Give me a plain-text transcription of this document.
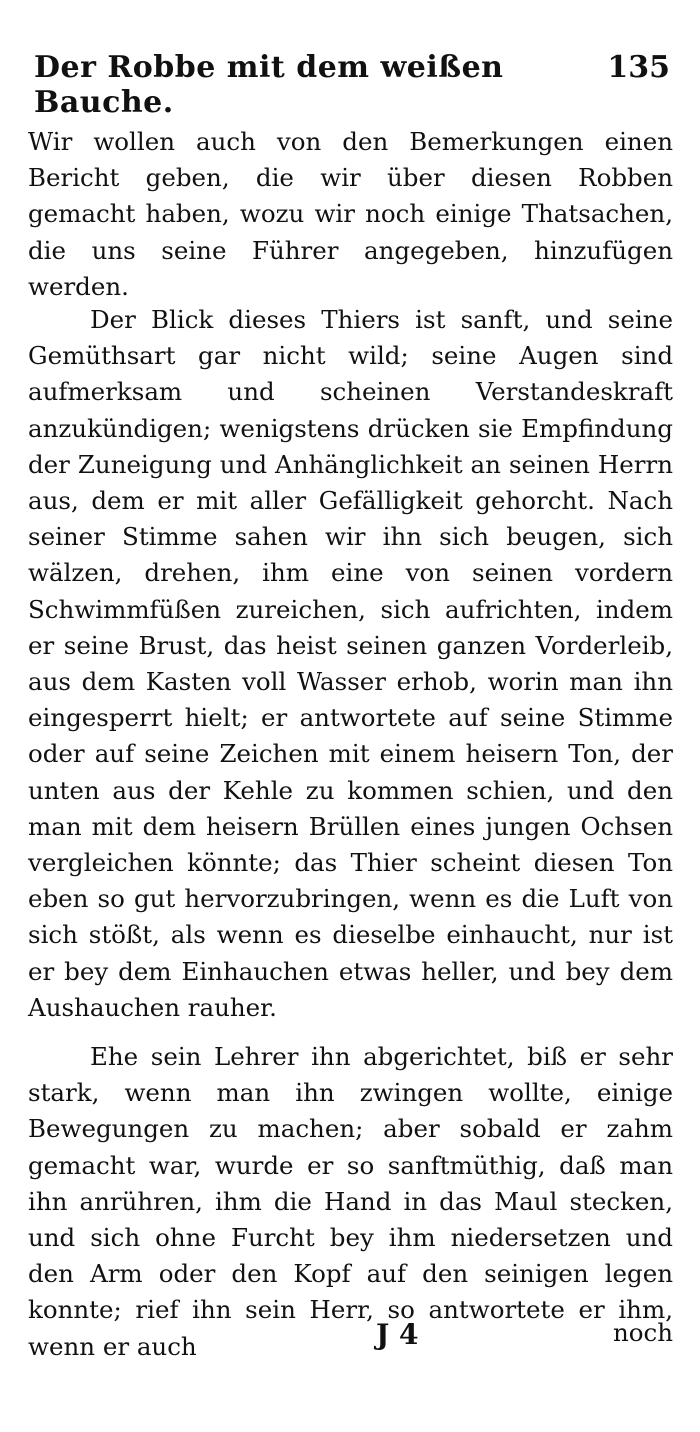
Der Robbe mit dem weißen Bauche.
135
Wir wollen auch von den Bemerkungen einen Bericht geben, die wir über diesen Robben gemacht haben, wozu wir noch einige Thatsachen, die uns seine Führer angegeben, hinzufügen werden.
Der Blick dieses Thiers ist sanft, und seine Gemüthsart gar nicht wild; seine Augen sind aufmerksam und scheinen Verstandeskraft anzukündigen; wenigstens drücken sie Empfindung der Zuneigung und Anhänglichkeit an seinen Herrn aus, dem er mit aller Gefälligkeit gehorcht. Nach seiner Stimme sahen wir ihn sich beugen, sich wälzen, drehen, ihm eine von seinen vordern Schwimmfüßen zureichen, sich aufrichten, indem er seine Brust, das heist seinen ganzen Vorderleib, aus dem Kasten voll Wasser erhob, worin man ihn eingesperrt hielt; er antwortete auf seine Stimme oder auf seine Zeichen mit einem heisern Ton, der unten aus der Kehle zu kommen schien, und den man mit dem heisern Brüllen eines jungen Ochsen vergleichen könnte; das Thier scheint diesen Ton eben so gut hervorzubringen, wenn es die Luft von sich stößt, als wenn es dieselbe einhaucht, nur ist er bey dem Einhauchen etwas heller, und bey dem Aushauchen rauher.
Ehe sein Lehrer ihn abgerichtet, biß er sehr stark, wenn man ihn zwingen wollte, einige Bewegungen zu machen; aber sobald er zahm gemacht war, wurde er so sanftmüthig, daß man ihn anrühren, ihm die Hand in das Maul stecken, und sich ohne Furcht bey ihm niedersetzen und den Arm oder den Kopf auf den seinigen legen konnte; rief ihn sein Herr, so antwortete er ihm, wenn er auch	J 4	noch
